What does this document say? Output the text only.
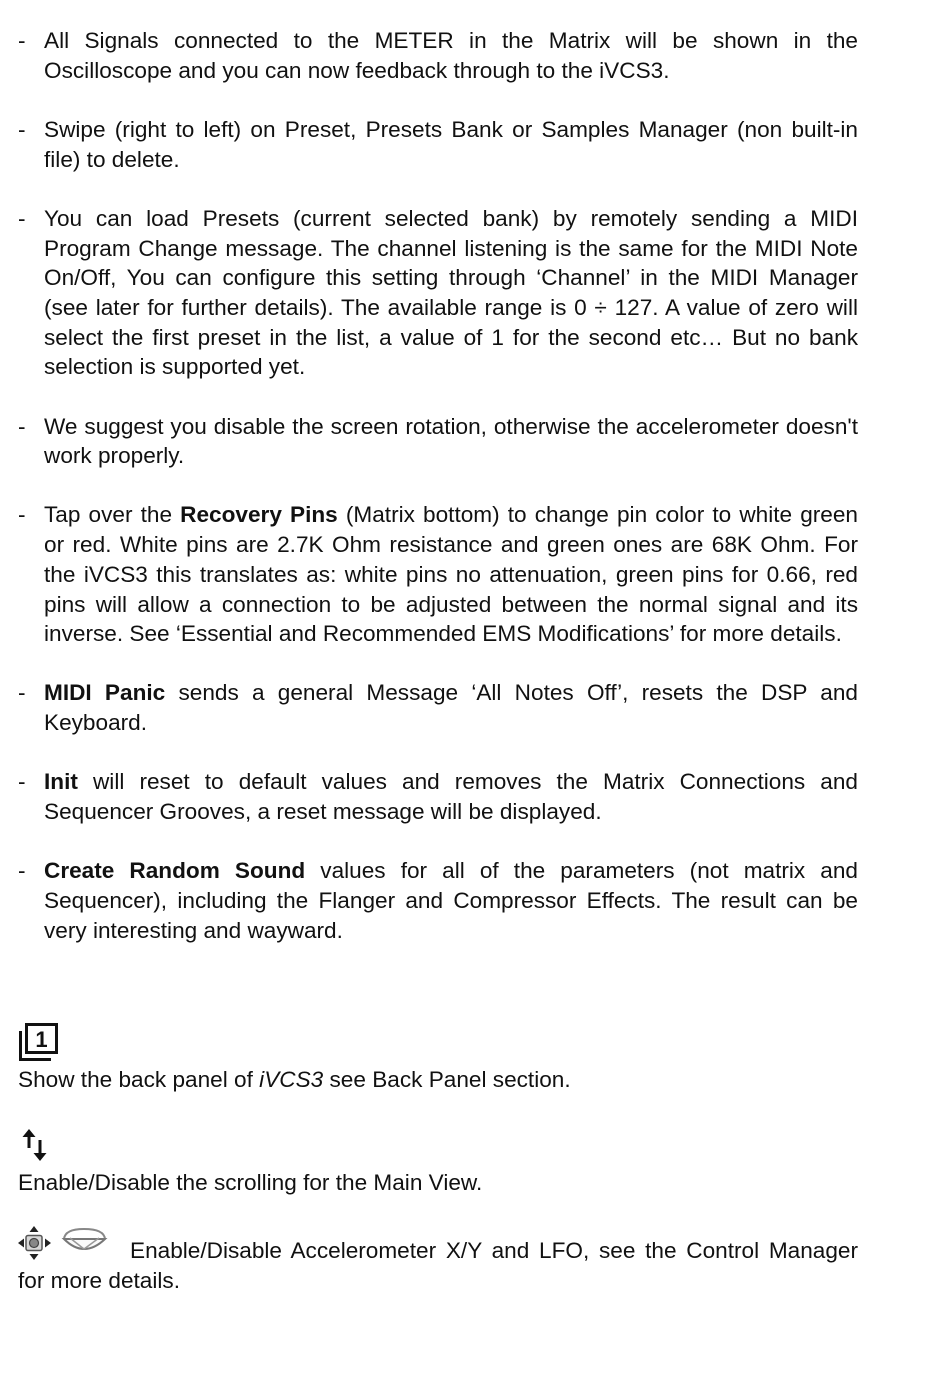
- All Signals connected to the METER in the Matrix will be shown in the Oscilloscope and you can now feedback through to the iVCS3.
- Swipe (right to left) on Preset, Presets Bank or Samples Manager (non built-in file) to delete.
- You can load Presets (current selected bank) by remotely sending a MIDI Program Change message. The channel listening is the same for the MIDI Note On/Off, You can configure this setting through ‘Channel’ in the MIDI Manager (see later for further details). The available range is 0 ÷ 127. A value of zero will select the first preset in the list, a value of 1 for the second etc… But no bank selection is supported yet.
- We suggest you disable the screen rotation, otherwise the accelerometer doesn't work properly.
- Tap over the Recovery Pins (Matrix bottom) to change pin color to white green or red. White pins are 2.7K Ohm resistance and green ones are 68K Ohm. For the iVCS3 this translates as: white pins no attenuation, green pins for 0.66, red pins will allow a connection to be adjusted between the normal signal and its inverse. See ‘Essential and Recommended EMS Modifications’ for more details.
- MIDI Panic sends a general Message ‘All Notes Off’, resets the DSP and Keyboard.
- Init will reset to default values and removes the Matrix Connections and Sequencer Grooves, a reset message will be displayed.
- Create Random Sound values for all of the parameters (not matrix and Sequencer), including the Flanger and Compressor Effects. The result can be very interesting and wayward.
1

Show the back panel of iVCS3 see Back Panel section.

Enable/Disable the scrolling for the Main View.

Enable/Disable Accelerometer X/Y and LFO, see the Control Manager for more details.
